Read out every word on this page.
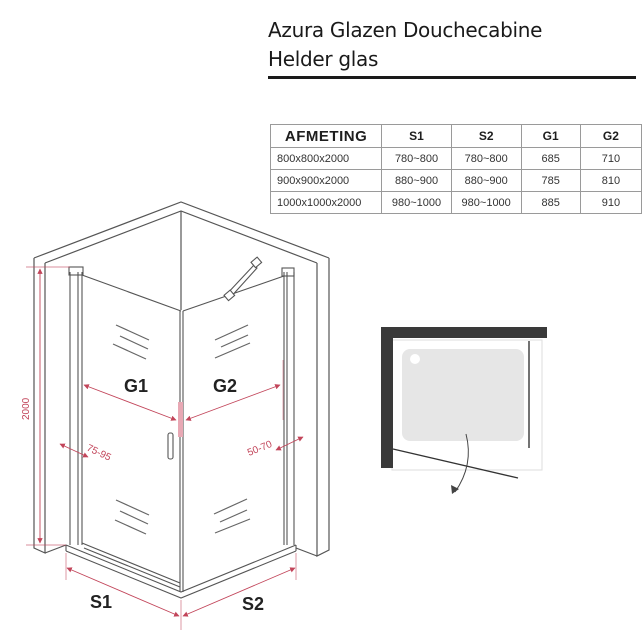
Azura Glazen Douchecabine
Helder glas
AFMETING	S1	S2	G1	G2
800x800x2000	780~800	780~800	685	710
900x900x2000	880~900	880~900	785	810
1000x1000x2000	980~1000	980~1000	885	910
G1	G2
S1	S2
2000
75-95	50-70
